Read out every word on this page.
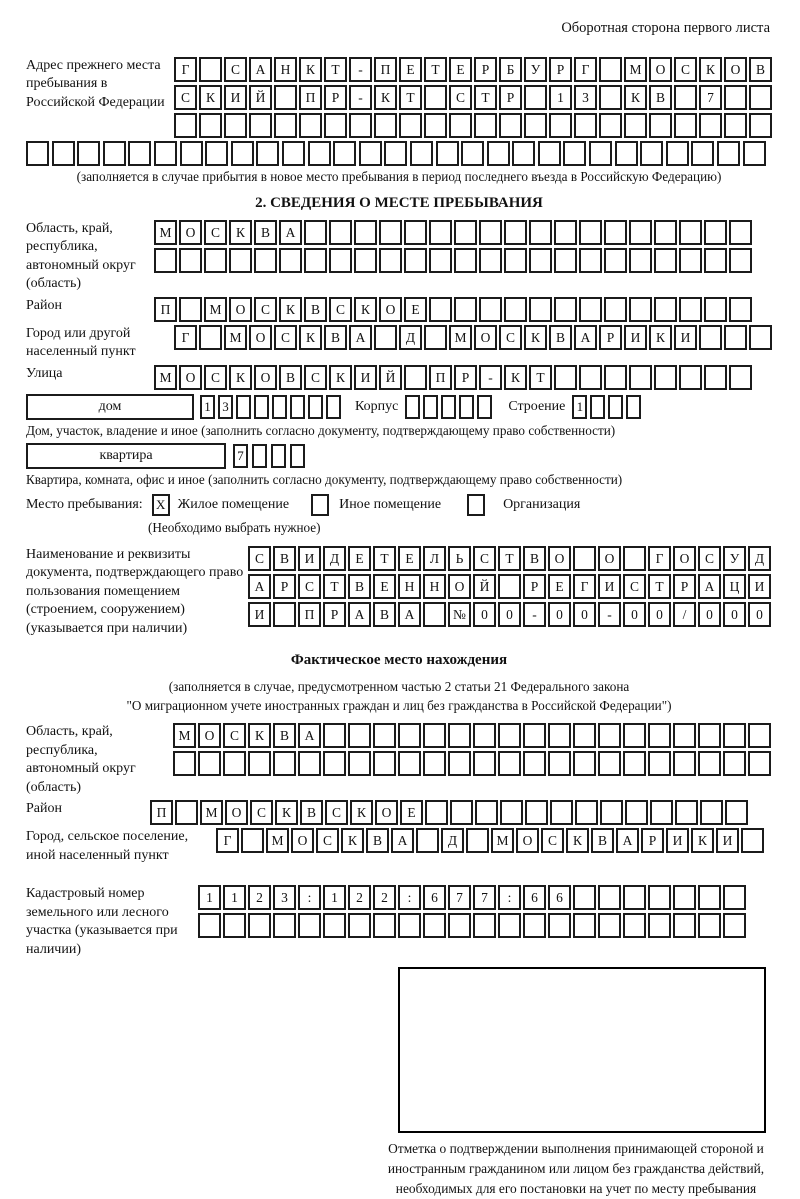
Оборотная сторона первого листа
Адрес прежнего места пребывания в Российской Федерации
Г	С	А	Н	К	Т	-	П	Е	Т	Е	Р	Б	У	Р	Г	М	О	С	К	О	В
С	К	И	Й	П	Р	-	К	Т	С	Т	Р	1	3	К	В	7
(заполняется в случае прибытия в новое место пребывания в период последнего въезда в Российскую Федерацию)
2. СВЕДЕНИЯ О МЕСТЕ ПРЕБЫВАНИЯ
Область, край, республика, автономный округ (область)
М	О	С	К	В	А
Район	П	М	О	С	К	В	С	К	О	Е
Город или другой населенный пункт
Г	М	О	С	К	В	А	Д	М	О	С	К	В	А	Р	И	К	И
Улица	М	О	С	К	О	В	С	К	И	Й	П	Р	-	К	Т
дом	1 3	Корпус	Строение 1
Дом, участок, владение и иное (заполнить согласно документу, подтверждающему право собственности)
квартира	7
Квартира, комната, офис и иное (заполнить согласно документу, подтверждающему право собственности)
Место пребывания:	X Жилое помещение	Иное помещение	Организация
(Необходимо выбрать нужное)
Наименование и реквизиты документа, подтверждающего право пользования помещением (строением, сооружением) (указывается при наличии)
С	В	И	Д	Е	Т	Е	Л	Ь	С	Т	В	О	О	Г	О	С	У	Д
А	Р	С	Т	В	Е	Н	Н	О	Й	Р	Е	Г	И	С	Т	Р	А	Ц	И
И	П	Р	А	В	А	№	0	0	-	0	0	-	0	0	/	0	0	0
Фактическое место нахождения
(заполняется в случае, предусмотренном частью 2 статьи 21 Федерального закона
"О миграционном учете иностранных граждан и лиц без гражданства в Российской Федерации")
Область, край, республика, автономный округ (область)
М	О	С	К	В	А
Район	П	М	О	С	К	В	С	К	О	Е
Город, сельское поселение, иной населенный пункт
Г	М	О	С	К	В	А	Д	М	О	С	К	В	А	Р	И	К	И
Кадастровый номер земельного или лесного участка (указывается при наличии)
1	1	2	3	:	1	2	2	:	6	7	7	:	6	6
Отметка о подтверждении выполнения принимающей стороной и иностранным гражданином или лицом без гражданства действий, необходимых для его постановки на учет по месту пребывания
